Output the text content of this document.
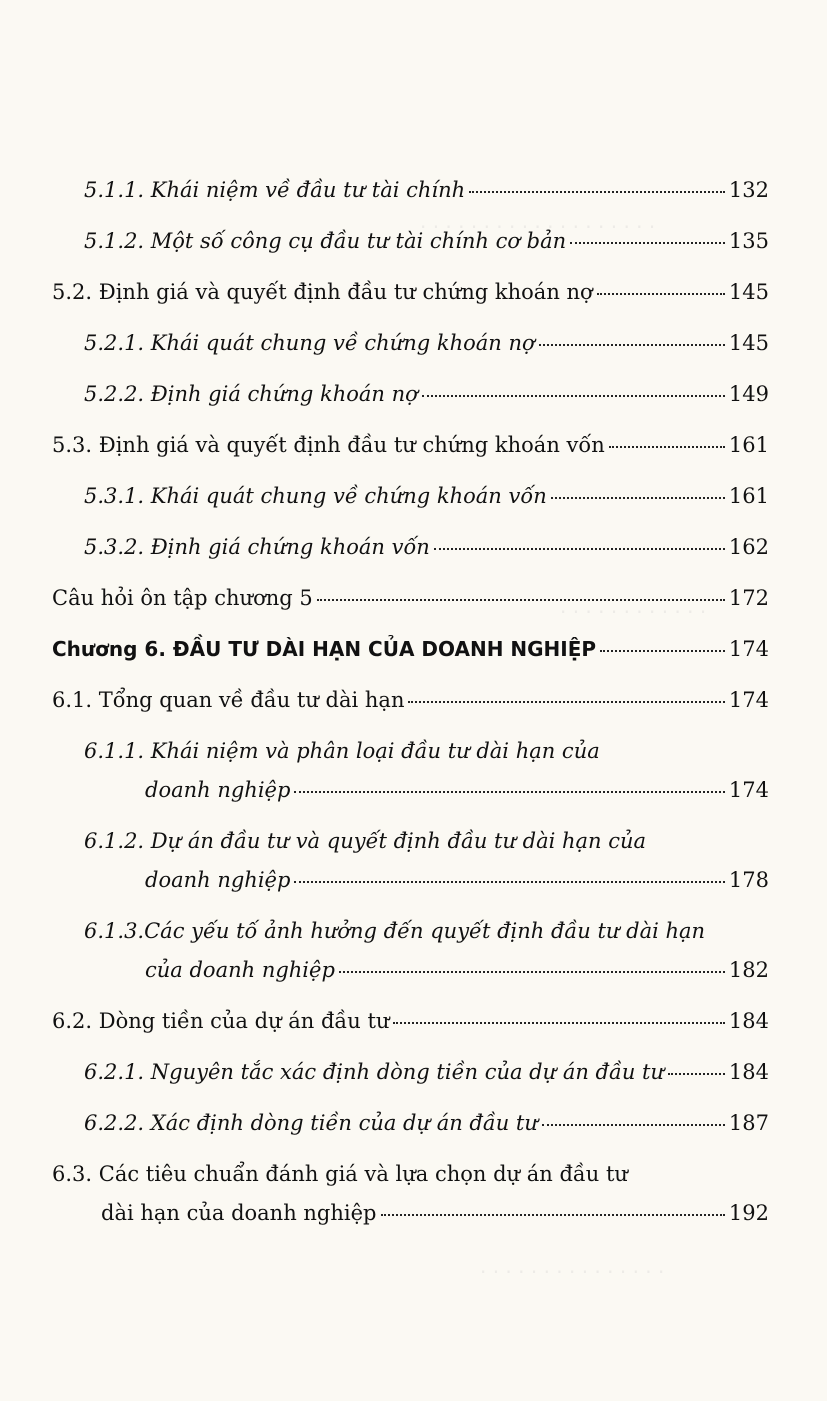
· · · · · · · · · · · · · · · · · · ·
· · · · · · · · · · · ·
· · · · · · · · · · · · · · ·
5.1.1. Khái niệm về đầu tư tài chính	132
5.1.2. Một số công cụ đầu tư tài chính cơ bản	135
5.2. Định giá và quyết định đầu tư chứng khoán nợ	145
5.2.1. Khái quát chung về chứng khoán nợ	145
5.2.2. Định giá chứng khoán nợ	149
5.3. Định giá và quyết định đầu tư chứng khoán vốn	161
5.3.1. Khái quát chung về chứng khoán vốn	161
5.3.2. Định giá chứng khoán vốn	162
Câu hỏi ôn tập chương 5	172
Chương 6. ĐẦU TƯ DÀI HẠN CỦA DOANH NGHIỆP	174
6.1. Tổng quan về đầu tư dài hạn	174
6.1.1. Khái niệm và phân loại đầu tư dài hạn của
doanh nghiệp	174
6.1.2. Dự án đầu tư và quyết định đầu tư dài hạn của
doanh nghiệp	178
6.1.3.Các yếu tố ảnh hưởng đến quyết định đầu tư dài hạn
của doanh nghiệp	182
6.2. Dòng tiền của dự án đầu tư	184
6.2.1. Nguyên tắc xác định dòng tiền của dự án đầu tư	184
6.2.2. Xác định dòng tiền của dự án đầu tư	187
6.3. Các tiêu chuẩn đánh giá và lựa chọn dự án đầu tư
dài hạn của doanh nghiệp	192
